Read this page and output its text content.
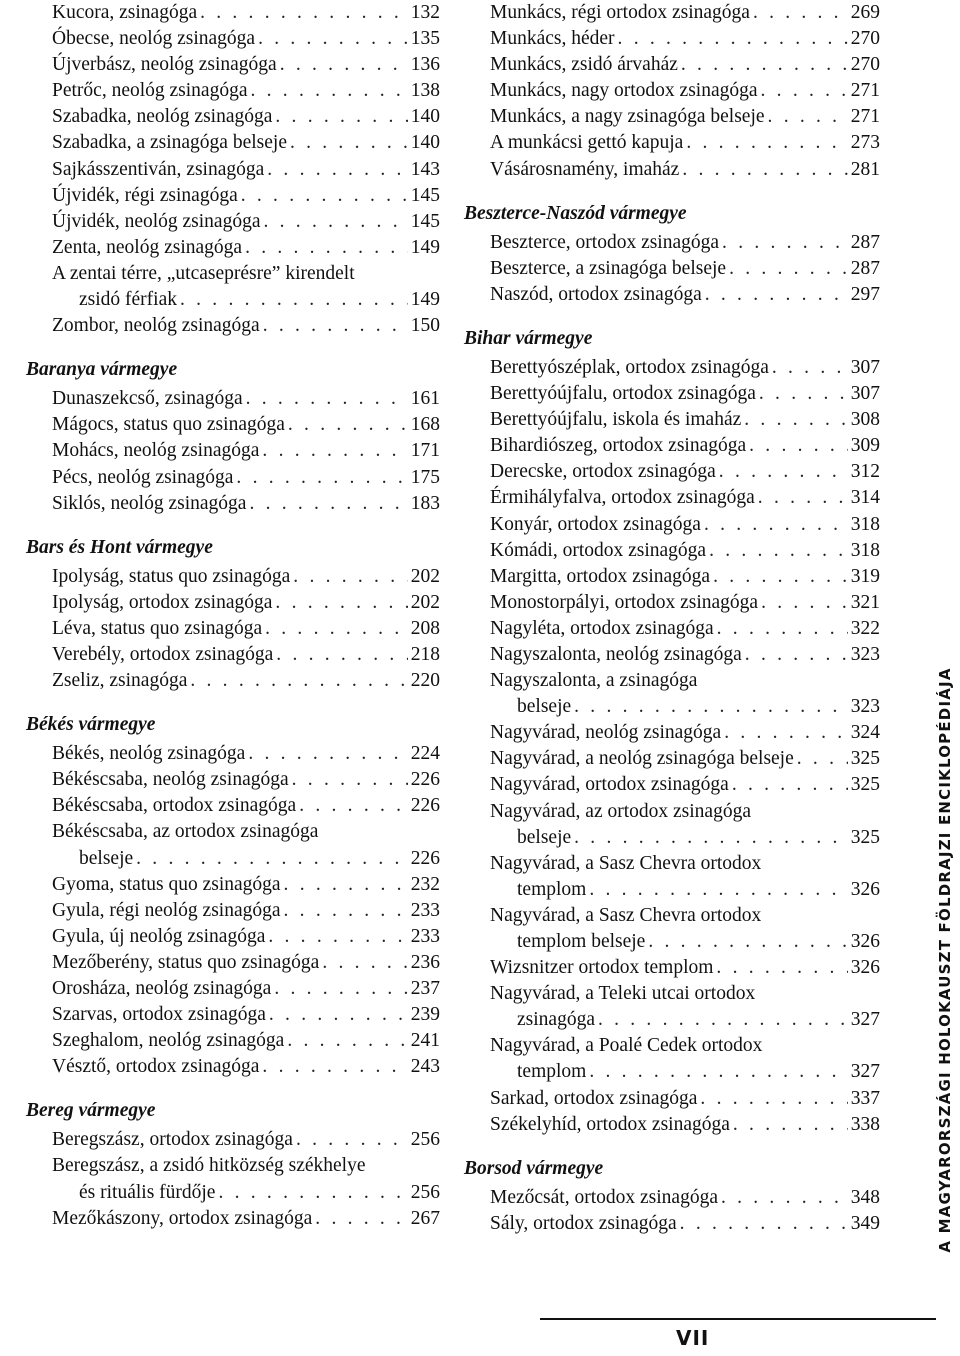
Kucora, zsinagóga . . .	132
Óbecse, neológ zsinagóga . . .	135
Újverbász, neológ zsinagóga . . .	136
Petrőc, neológ zsinagóga . . .	138
Szabadka, neológ zsinagóga . . .	140
Szabadka, a zsinagóga belseje . . .	140
Sajkásszentiván, zsinagóga . . .	143
Újvidék, régi zsinagóga . . .	145
Újvidék, neológ zsinagóga . . .	145
Zenta, neológ zsinagóga . . .	149
A zentai térre, „utcaseprésre” kirendelt
zsidó férfiak . . .	149
Zombor, neológ zsinagóga . . .	150
Baranya vármegye
Dunaszekcső, zsinagóga . . .	161
Mágocs, status quo zsinagóga . . .	168
Mohács, neológ zsinagóga . . .	171
Pécs, neológ zsinagóga . . .	175
Siklós, neológ zsinagóga . . .	183
Bars és Hont vármegye
Ipolyság, status quo zsinagóga . . .	202
Ipolyság, ortodox zsinagóga . . .	202
Léva, status quo zsinagóga . . .	208
Verebély, ortodox zsinagóga . . .	218
Zseliz, zsinagóga . . .	220
Békés vármegye
Békés, neológ zsinagóga . . .	224
Békéscsaba, neológ zsinagóga . . .	226
Békéscsaba, ortodox zsinagóga . . .	226
Békéscsaba, az ortodox zsinagóga
belseje . . .	226
Gyoma, status quo zsinagóga . . .	232
Gyula, régi neológ zsinagóga . . .	233
Gyula, új neológ zsinagóga . . .	233
Mezőberény, status quo zsinagóga . . .	236
Orosháza, neológ zsinagóga . . .	237
Szarvas, ortodox zsinagóga . . .	239
Szeghalom, neológ zsinagóga . . .	241
Vésztő, ortodox zsinagóga . . .	243
Bereg vármegye
Beregszász, ortodox zsinagóga . . .	256
Beregszász, a zsidó hitközség székhelye
és rituális fürdője . . .	256
Mezőkászony, ortodox zsinagóga . . .	267
Munkács, régi ortodox zsinagóga . . .	269
Munkács, héder . . .	270
Munkács, zsidó árvaház . . .	270
Munkács, nagy ortodox zsinagóga . . .	271
Munkács, a nagy zsinagóga belseje . . .	271
A munkácsi gettó kapuja . . .	273
Vásárosnamény, imaház . . .	281
Beszterce-Naszód vármegye
Beszterce, ortodox zsinagóga . . .	287
Beszterce, a zsinagóga belseje . . .	287
Naszód, ortodox zsinagóga . . .	297
Bihar vármegye
Berettyószéplak, ortodox zsinagóga . . .	307
Berettyóújfalu, ortodox zsinagóga . . .	307
Berettyóújfalu, iskola és imaház . . .	308
Bihardiószeg, ortodox zsinagóga . . .	309
Derecske, ortodox zsinagóga . . .	312
Érmihályfalva, ortodox zsinagóga . . .	314
Konyár, ortodox zsinagóga . . .	318
Kómádi, ortodox zsinagóga . . .	318
Margitta, ortodox zsinagóga . . .	319
Monostorpályi, ortodox zsinagóga . . .	321
Nagyléta, ortodox zsinagóga . . .	322
Nagyszalonta, neológ zsinagóga . . .	323
Nagyszalonta, a zsinagóga
belseje . . .	323
Nagyvárad, neológ zsinagóga . . .	324
Nagyvárad, a neológ zsinagóga belseje . . .	325
Nagyvárad, ortodox zsinagóga . . .	325
Nagyvárad, az ortodox zsinagóga
belseje . . .	325
Nagyvárad, a Sasz Chevra ortodox
templom . . .	326
Nagyvárad, a Sasz Chevra ortodox
templom belseje . . .	326
Wizsnitzer ortodox templom . . .	326
Nagyvárad, a Teleki utcai ortodox
zsinagóga . . .	327
Nagyvárad, a Poalé Cedek ortodox
templom . . .	327
Sarkad, ortodox zsinagóga . . .	337
Székelyhíd, ortodox zsinagóga . . .	338
Borsod vármegye
Mezőcsát, ortodox zsinagóga . . .	348
Sály, ortodox zsinagóga . . .	349	A MAGYARORSZÁGI HOLOKAUSZT FÖLDRAJZI ENCIKLOPÉDIÁJA
VII
